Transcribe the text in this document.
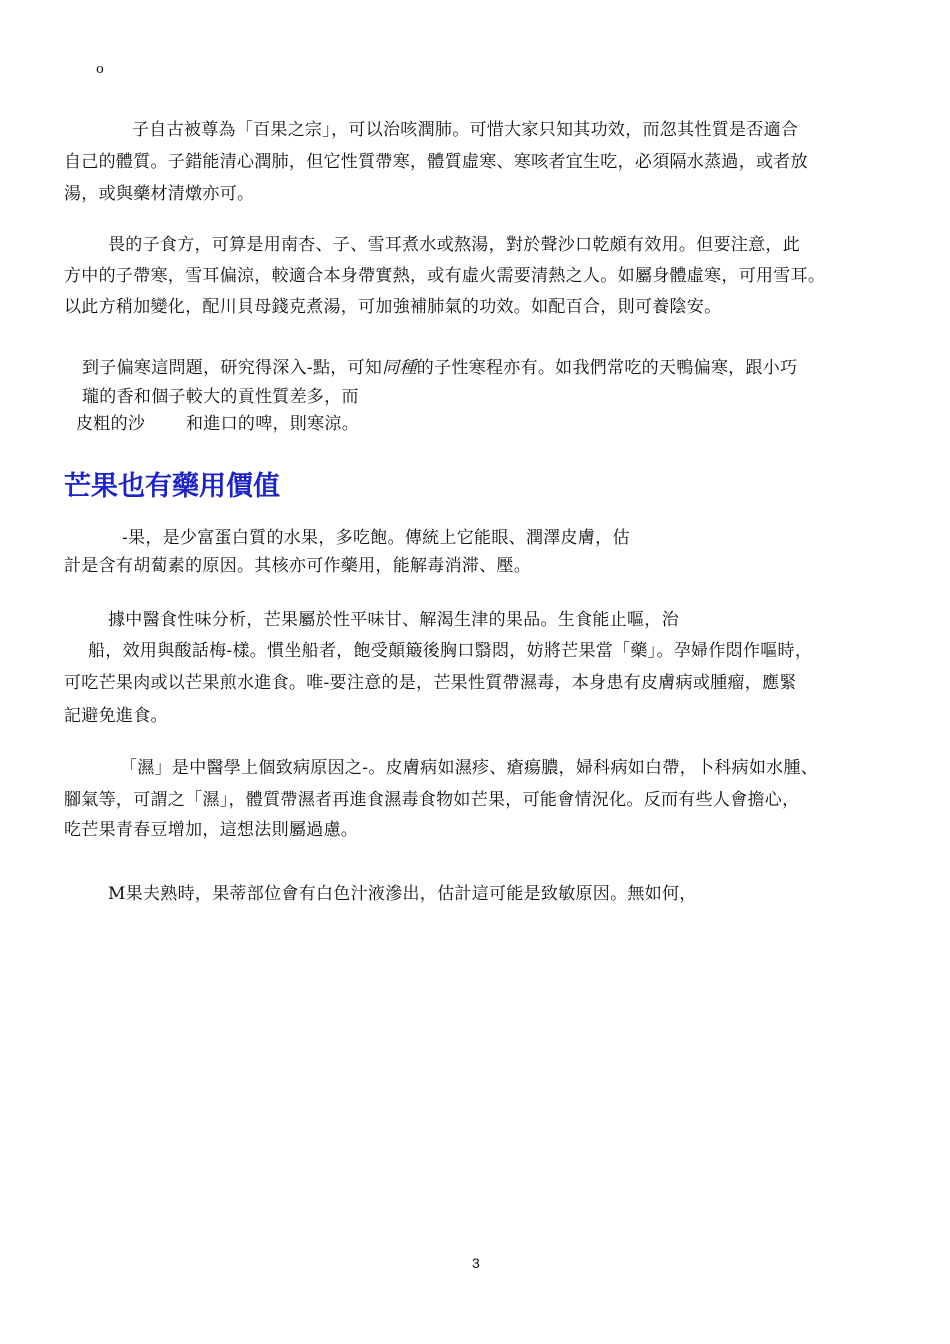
o
子自古被尊為「百果之宗」，可以治咳潤肺。可惜大家只知其功效，而忽其性質是否適合
自己的體質。子錯能清心潤肺，但它性質帶寒，體質虛寒、寒咳者宜生吃，必須隔水蒸過，或者放
湯，或與藥材清燉亦可。
畏的子食方，可算是用南杏、子、雪耳煮水或熬湯，對於聲沙口乾頗有效用。但要注意，此
方中的子帶寒，雪耳偏涼，較適合本身帶實熱，或有虛火需要清熱之人。如屬身體虛寒，可用雪耳。
以此方稍加變化，配川貝母錢克煮湯，可加強補肺氣的功效。如配百合，則可養陰安。
到子偏寒這問題，研究得深入-點，可知同種的子性寒程亦有。如我們常吃的天鴨偏寒，跟小巧
瓏的香和個子較大的貢性質差多，而
皮粗的沙 和進口的啤，則寒涼。
芒果也有藥用價值
-果，是少富蛋白質的水果，多吃飽。傳統上它能眼、潤澤皮膚，估
計是含有胡蔔素的原因。其核亦可作藥用，能解毒消滞、壓。
據中醫食性味分析，芒果屬於性平味甘、解渴生津的果品。生食能止嘔，治
船，效用與酸話梅-樣。慣坐船者，飽受顛簸後胸口翳悶，妨將芒果當「藥」。孕婦作悶作嘔時，
可吃芒果肉或以芒果煎水進食。唯-要注意的是，芒果性質帶濕毒，本身患有皮膚病或腫瘤，應緊
記避免進食。
「濕」是中醫學上個致病原因之-。皮膚病如濕疹、瘡瘍膿，婦科病如白帶，卜科病如水腫、
腳氣等，可謂之「濕」，體質帶濕者再進食濕毒食物如芒果，可能會情況化。反而有些人會擔心，
吃芒果青春豆增加，這想法則屬過慮。
M果夫熟時，果蒂部位會有白色汁液滲出，估計這可能是致敏原因。無如何，
3
